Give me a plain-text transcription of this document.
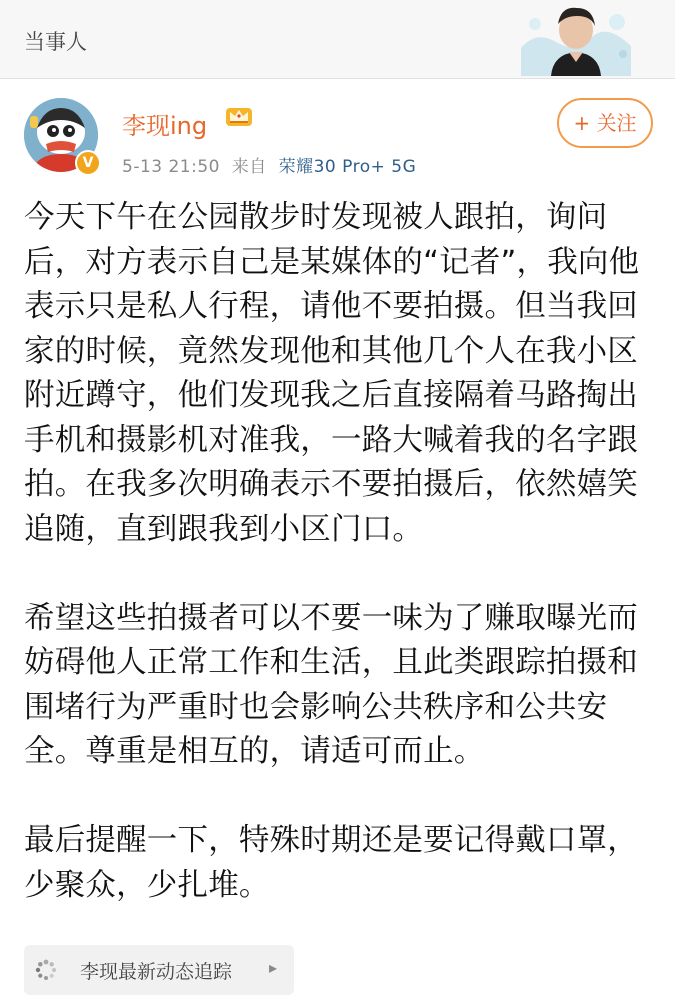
当事人
V
李现ing
5-13 21:50 来自 荣耀30 Pro+ 5G
+ 关注

今天下午在公园散步时发现被人跟拍，询问后，对方表示自己是某媒体的“记者”，我向他表示只是私人行程，请他不要拍摄。但当我回家的时候，竟然发现他和其他几个人在我小区附近蹲守，他们发现我之后直接隔着马路掏出手机和摄影机对准我，一路大喊着我的名字跟拍。在我多次明确表示不要拍摄后，依然嬉笑追随，直到跟我到小区门口。

希望这些拍摄者可以不要一味为了赚取曝光而妨碍他人正常工作和生活，且此类跟踪拍摄和围堵行为严重时也会影响公共秩序和公共安全。尊重是相互的，请适可而止。

最后提醒一下，特殊时期还是要记得戴口罩，少聚众，少扎堆。

李现最新动态追踪 ▸
